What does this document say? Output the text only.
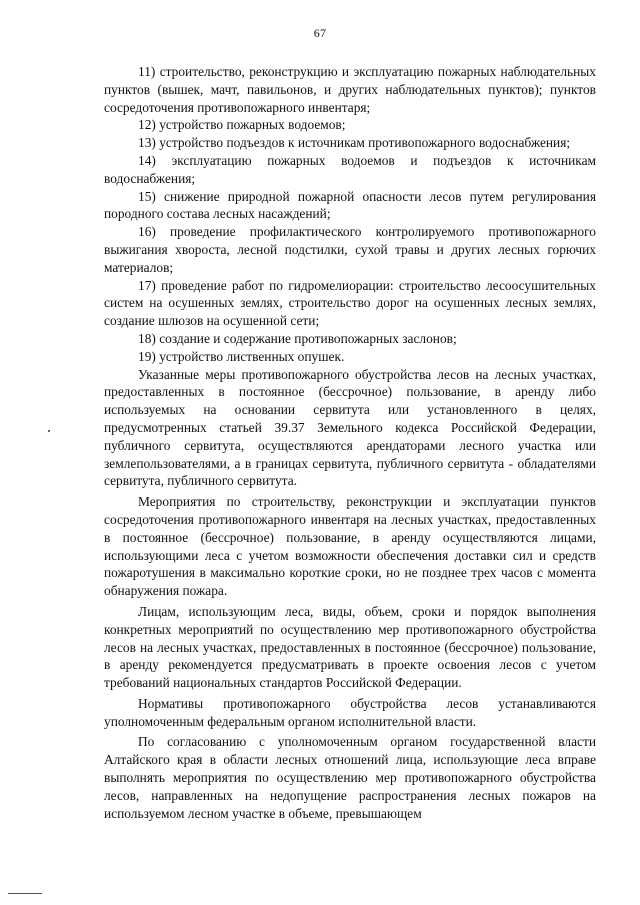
67

11) строительство, реконструкцию и эксплуатацию пожарных наблюдательных пунктов (вышек, мачт, павильонов, и других наблюдательных пунктов); пунктов сосредоточения противопожарного инвентаря;

12) устройство пожарных водоемов;

13) устройство подъездов к источникам противопожарного водоснабжения;

14) эксплуатацию пожарных водоемов и подъездов к источникам водоснабжения;

15) снижение природной пожарной опасности лесов путем регулирования породного состава лесных насаждений;

16) проведение профилактического контролируемого противопожарного выжигания хвороста, лесной подстилки, сухой травы и других лесных горючих материалов;

17) проведение работ по гидромелиорации: строительство лесоосушительных систем на осушенных землях, строительство дорог на осушенных лесных землях, создание шлюзов на осушенной сети;

18) создание и содержание противопожарных заслонов;

19) устройство лиственных опушек.

Указанные меры противопожарного обустройства лесов на лесных участках, предоставленных в постоянное (бессрочное) пользование, в аренду либо используемых на основании сервитута или установленного в целях, предусмотренных статьей 39.37 Земельного кодекса Российской Федерации, публичного сервитута, осуществляются арендаторами лесного участка или землепользователями, а в границах сервитута, публичного сервитута - обладателями сервитута, публичного сервитута.

Мероприятия по строительству, реконструкции и эксплуатации пунктов сосредоточения противопожарного инвентаря на лесных участках, предоставленных в постоянное (бессрочное) пользование, в аренду осуществляются лицами, использующими леса с учетом возможности обеспечения доставки сил и средств пожаротушения в максимально короткие сроки, но не позднее трех часов с момента обнаружения пожара.

Лицам, использующим леса, виды, объем, сроки и порядок выполнения конкретных мероприятий по осуществлению мер противопожарного обустройства лесов на лесных участках, предоставленных в постоянное (бессрочное) пользование, в аренду рекомендуется предусматривать в проекте освоения лесов с учетом требований национальных стандартов Российской Федерации.

Нормативы противопожарного обустройства лесов устанавливаются уполномоченным федеральным органом исполнительной власти.

По согласованию с уполномоченным органом государственной власти Алтайского края в области лесных отношений лица, использующие леса вправе выполнять мероприятия по осуществлению мер противопожарного обустройства лесов, направленных на недопущение распространения лесных пожаров на используемом лесном участке в объеме, превышающем
